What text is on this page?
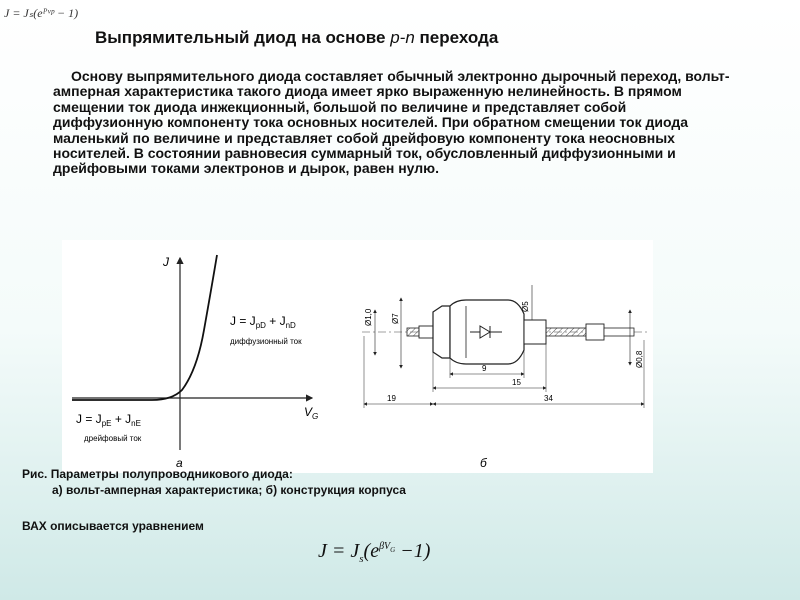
J = Jₛ(eᴾᵛᵖ − 1)
Выпрямительный диод на основе p-n перехода
Основу выпрямительного диода составляет обычный электронно дырочный переход, вольт-амперная характеристика такого диода имеет ярко выраженную нелинейность. В прямом смещении ток диода инжекционный, большой по величине и представляет собой диффузионную компоненту тока основных носителей. При обратном смещении ток диода маленький по величине и представляет собой дрейфовую компоненту тока неосновных носителей. В состоянии равновесия суммарный ток, обусловленный диффузионными и дрейфовыми токами электронов и дырок, равен нулю.
J
$V_G$
$J = J_{pD} + J_{nD}$
диффузионный ток
$J = J_{pE} + J_{nE}$
дрейфовый ток
а
Ø1,0 Ø7
Ø5
Ø0,8
9
15
19	34
б
Рис. Параметры полупроводникового диода:
а) вольт-амперная характеристика; б) конструкция корпуса
ВАХ описывается уравнением
$J = J_s(e^{\beta V_G} -1)$
